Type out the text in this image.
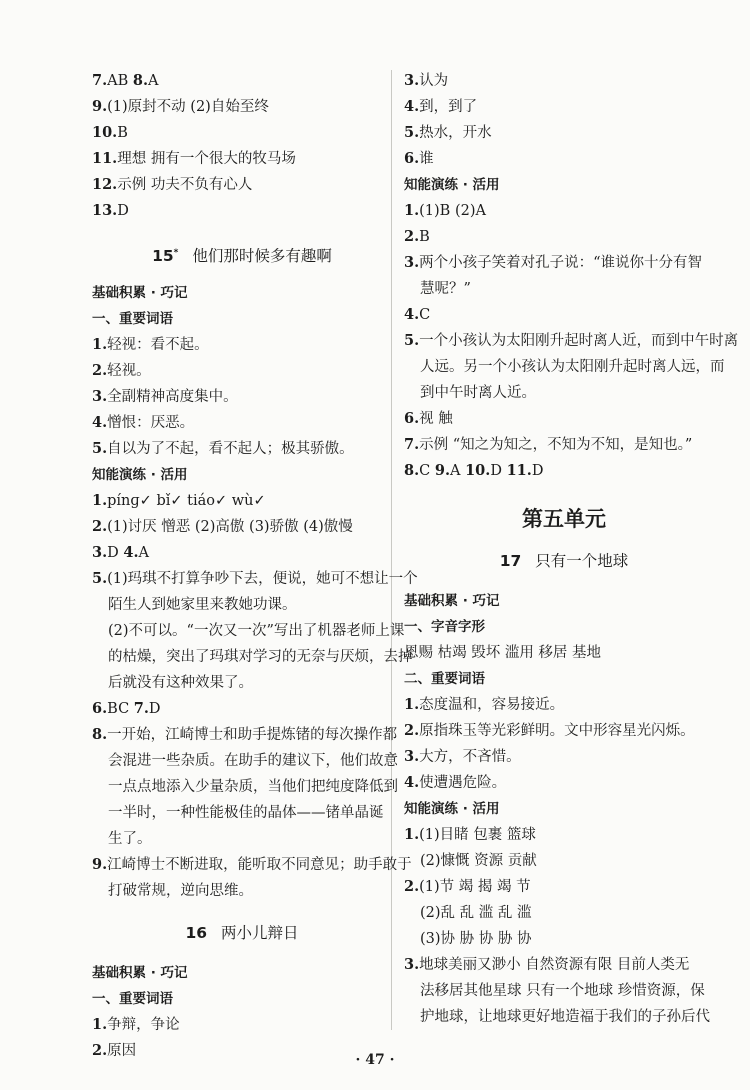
7.AB 8.A
9.(1)原封不动 (2)自始至终
10.B
11.理想 拥有一个很大的牧马场
12.示例 功夫不负有心人
13.D
15* 他们那时候多有趣啊
基础积累 · 巧记
一、重要词语
1.轻视：看不起。
2.轻视。
3.全副精神高度集中。
4.憎恨：厌恶。
5.自以为了不起，看不起人；极其骄傲。
知能演练 · 活用
1.pínɡ✓ bǐ✓ tiáo✓ wù✓
2.(1)讨厌 憎恶 (2)高傲 (3)骄傲 (4)傲慢
3.D 4.A
5.(1)玛琪不打算争吵下去，便说，她可不想让一个
陌生人到她家里来教她功课。
(2)不可以。“一次又一次”写出了机器老师上课
的枯燥，突出了玛琪对学习的无奈与厌烦，去掉
后就没有这种效果了。
6.BC 7.D
8.一开始，江崎博士和助手提炼锗的每次操作都
会混进一些杂质。在助手的建议下，他们故意
一点点地添入少量杂质，当他们把纯度降低到
一半时，一种性能极佳的晶体——锗单晶诞
生了。
9.江崎博士不断进取，能听取不同意见；助手敢于
打破常规，逆向思维。
16 两小儿辩日
基础积累 · 巧记
一、重要词语
1.争辩，争论
2.原因
3.认为
4.到，到了
5.热水，开水
6.谁
知能演练 · 活用
1.(1)B (2)A
2.B
3.两个小孩子笑着对孔子说：“谁说你十分有智
慧呢？”
4.C
5.一个小孩认为太阳刚升起时离人近，而到中午时离
人远。另一个小孩认为太阳刚升起时离人远，而
到中午时离人近。
6.视 触
7.示例 “知之为知之，不知为不知，是知也。”
8.C 9.A 10.D 11.D
第五单元
17 只有一个地球
基础积累 · 巧记
一、字音字形
恩赐 枯竭 毁坏 滥用 移居 基地
二、重要词语
1.态度温和，容易接近。
2.原指珠玉等光彩鲜明。文中形容星光闪烁。
3.大方，不吝惜。
4.使遭遇危险。
知能演练 · 活用
1.(1)目睹 包裹 篮球
(2)慷慨 资源 贡献
2.(1)节 竭 揭 竭 节
(2)乱 乱 滥 乱 滥
(3)协 胁 协 胁 协
3.地球美丽又渺小 自然资源有限 目前人类无
法移居其他星球 只有一个地球 珍惜资源，保
护地球，让地球更好地造福于我们的子孙后代
· 47 ·
